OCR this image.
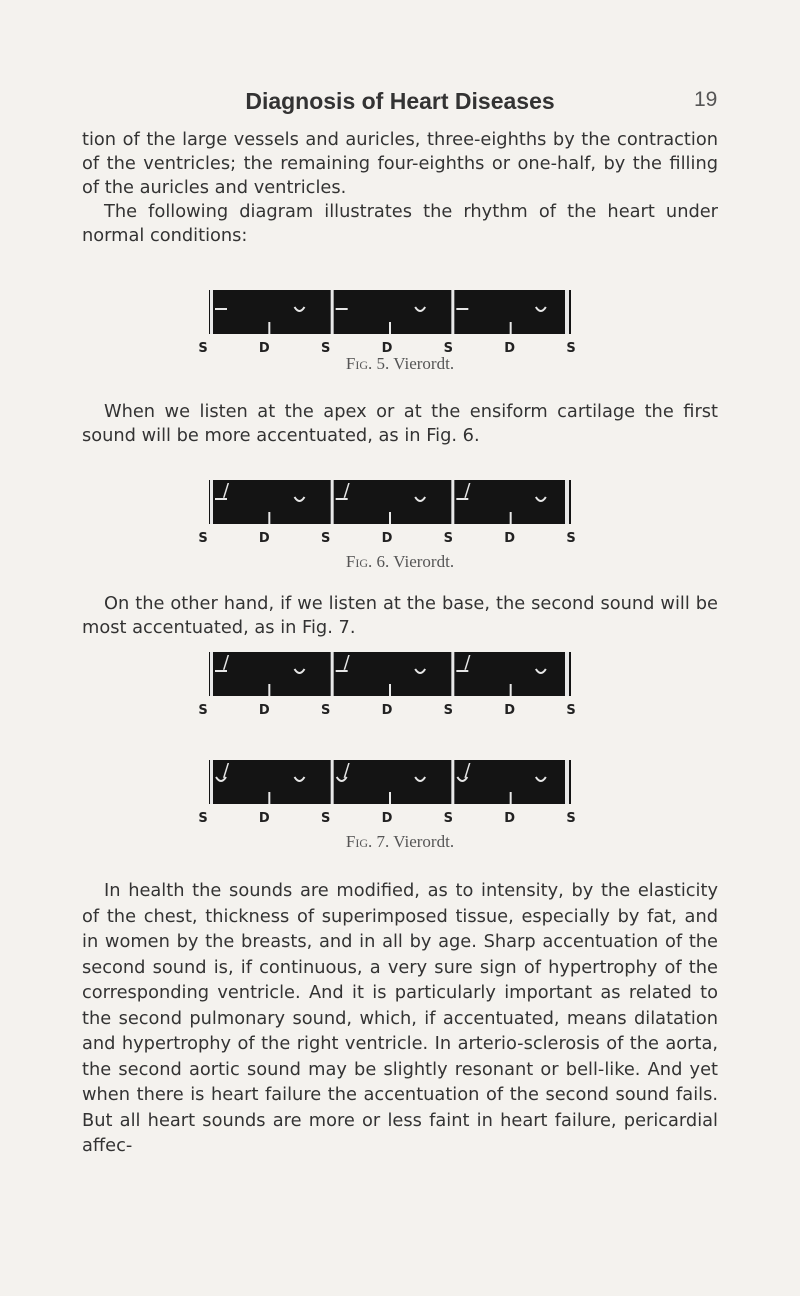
Diagnosis of Heart Diseases	19

tion of the large vessels and auricles, three-eighths by the contraction of the ventricles; the remaining four-eighths or one-half, by the filling of the auricles and ventricles.

The following diagram illustrates the rhythm of the heart under normal conditions:

S	D	S	D	S	D	S
Fig. 5. Vierordt.

When we listen at the apex or at the ensiform cartilage the first sound will be more accentuated, as in Fig. 6.

/	/	/
S	D	S	D	S	D	S
Fig. 6. Vierordt.

On the other hand, if we listen at the base, the second sound will be most accentuated, as in Fig. 7.

/	/	/
S	D	S	D	S	D	S
/	/	/
S	D	S	D	S	D	S
Fig. 7. Vierordt.

In health the sounds are modified, as to intensity, by the elasticity of the chest, thickness of superimposed tissue, especially by fat, and in women by the breasts, and in all by age. Sharp accentuation of the second sound is, if continuous, a very sure sign of hypertrophy of the corresponding ventricle. And it is particularly important as related to the second pulmonary sound, which, if accentuated, means dilatation and hypertrophy of the right ventricle. In arterio-sclerosis of the aorta, the second aortic sound may be slightly resonant or bell-like. And yet when there is heart failure the accentuation of the second sound fails. But all heart sounds are more or less faint in heart failure, pericardial affec-
